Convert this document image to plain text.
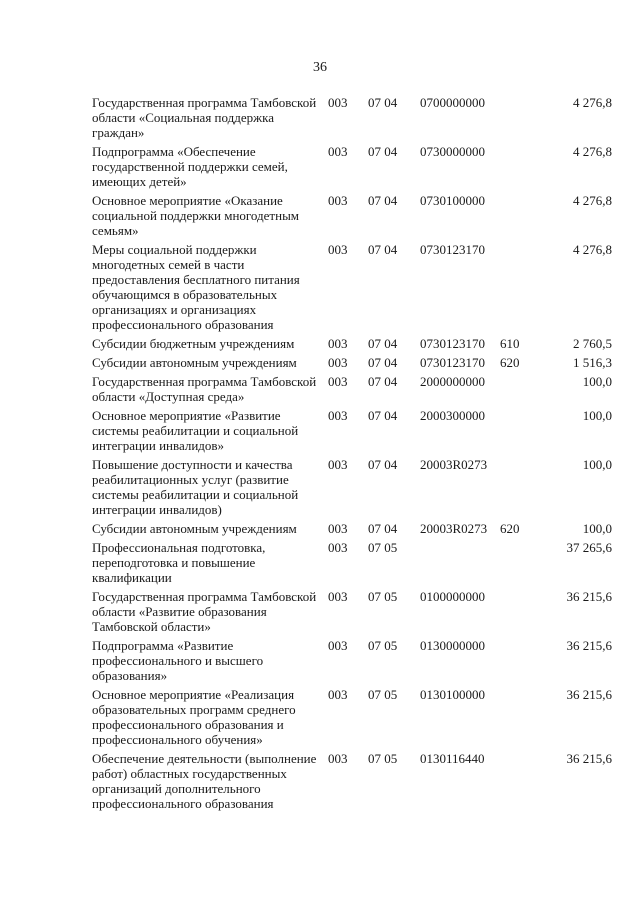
36
Государственная программа Тамбовской области «Социальная поддержка граждан»	003	07 04	0700000000		4 276,8
Подпрограмма «Обеспечение государственной поддержки семей, имеющих детей»	003	07 04	0730000000		4 276,8
Основное мероприятие «Оказание социальной поддержки многодетным семьям»	003	07 04	0730100000		4 276,8
Меры социальной поддержки многодетных семей в части предоставления бесплатного питания обучающимся в образовательных организациях и организациях профессионального образования	003	07 04	0730123170		4 276,8
Субсидии бюджетным учреждениям	003	07 04	0730123170	610	2 760,5
Субсидии автономным учреждениям	003	07 04	0730123170	620	1 516,3
Государственная программа Тамбовской области «Доступная среда»	003	07 04	2000000000		100,0
Основное мероприятие «Развитие системы реабилитации и социальной интеграции инвалидов»	003	07 04	2000300000		100,0
Повышение доступности и качества реабилитационных услуг (развитие системы реабилитации и социальной интеграции инвалидов)	003	07 04	20003R0273		100,0
Субсидии автономным учреждениям	003	07 04	20003R0273	620	100,0
Профессиональная подготовка, переподготовка и повышение квалификации	003	07 05			37 265,6
Государственная программа Тамбовской области «Развитие образования Тамбовской области»	003	07 05	0100000000		36 215,6
Подпрограмма «Развитие профессионального и высшего образования»	003	07 05	0130000000		36 215,6
Основное мероприятие «Реализация образовательных программ среднего профессионального образования и профессионального обучения»	003	07 05	0130100000		36 215,6
Обеспечение деятельности (выполнение работ) областных государственных организаций дополнительного профессионального образования	003	07 05	0130116440		36 215,6
